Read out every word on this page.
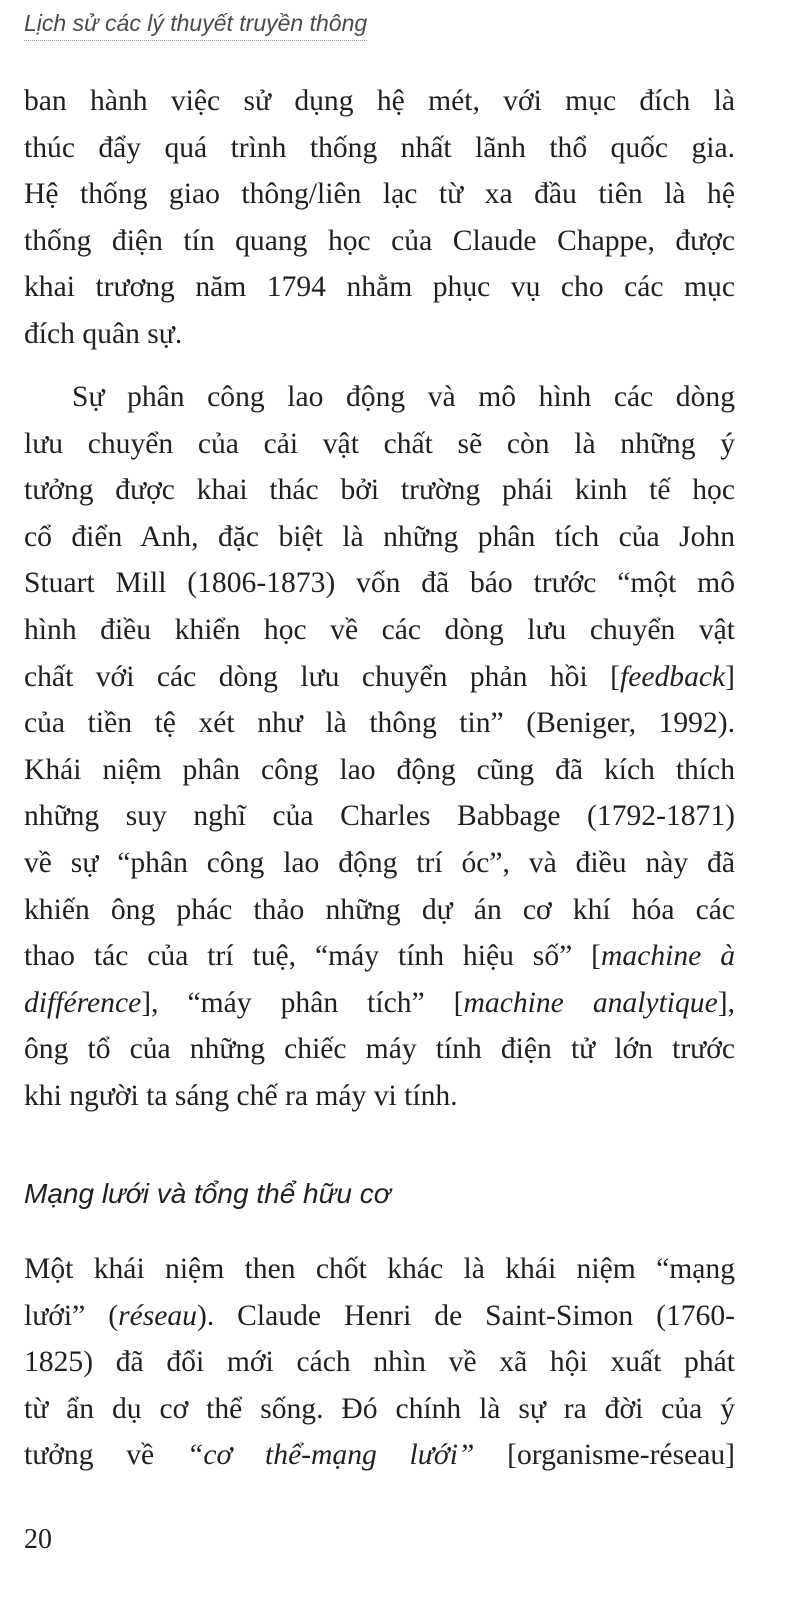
Lịch sử các lý thuyết truyền thông
ban hành việc sử dụng hệ mét, với mục đích là
thúc đẩy quá trình thống nhất lãnh thổ quốc gia.
Hệ thống giao thông/liên lạc từ xa đầu tiên là hệ
thống điện tín quang học của Claude Chappe, được
khai trương năm 1794 nhằm phục vụ cho các mục
đích quân sự.
Sự phân công lao động và mô hình các dòng
lưu chuyển của cải vật chất sẽ còn là những ý
tưởng được khai thác bởi trường phái kinh tế học
cổ điển Anh, đặc biệt là những phân tích của John
Stuart Mill (1806-1873) vốn đã báo trước “một mô
hình điều khiển học về các dòng lưu chuyển vật
chất với các dòng lưu chuyển phản hồi [feedback]
của tiền tệ xét như là thông tin” (Beniger, 1992).
Khái niệm phân công lao động cũng đã kích thích
những suy nghĩ của Charles Babbage (1792-1871)
về sự “phân công lao động trí óc”, và điều này đã
khiến ông phác thảo những dự án cơ khí hóa các
thao tác của trí tuệ, “máy tính hiệu số” [machine à
différence], “máy phân tích” [machine analytique],
ông tổ của những chiếc máy tính điện tử lớn trước
khi người ta sáng chế ra máy vi tính.
Mạng lưới và tổng thể hữu cơ
Một khái niệm then chốt khác là khái niệm “mạng
lưới” (réseau). Claude Henri de Saint-Simon (1760-
1825) đã đổi mới cách nhìn về xã hội xuất phát
từ ẩn dụ cơ thể sống. Đó chính là sự ra đời của ý
tưởng về “cơ thể-mạng lưới” [organisme-réseau]
20
